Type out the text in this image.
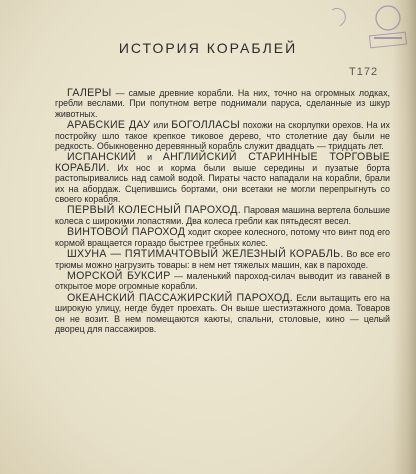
T172
ИСТОРИЯ КОРАБЛЕЙ

ГАЛЕРЫ — самые древние корабли. На них, точно на огромных лодках, гребли веслами. При попутном ветре поднимали паруса, сделанные из шкур животных.

АРАБСКИЕ ДАУ или БОГОЛЛАСЫ похожи на скорлупки орехов. На их постройку шло такое крепкое тиковое дерево, что столетние дау были не редкость. Обыкновенно деревянный корабль служит двадцать — тридцать лет.

ИСПАНСКИЙ и АНГЛИЙСКИЙ СТАРИННЫЕ ТОРГОВЫЕ КОРАБЛИ. Их нос и корма были выше середины и пузатые борта растопыривались над самой водой. Пираты часто нападали на корабли, брали их на абордаж. Сцепившись бортами, они всетаки не могли перепрыгнуть со своего корабля.

ПЕРВЫЙ КОЛЕСНЫЙ ПАРОХОД. Паровая машина вертела большие колеса с широкими лопастями. Два колеса гребли как пятьдесят весел.

ВИНТОВОЙ ПАРОХОД ходит скорее колесного, потому что винт под его кормой вращается гораздо быстрее гребных колес.

ШХУНА — ПЯТИМАЧТОВЫЙ ЖЕЛЕЗНЫЙ КОРАБЛЬ. Во все его трюмы можно нагрузить товары: в нем нет тяжелых машин, как в пароходе.

МОРСКОЙ БУКСИР — маленький пароход-силач выводит из гаваней в открытое море огромные корабли.

ОКЕАНСКИЙ ПАССАЖИРСКИЙ ПАРОХОД. Если вытащить его на широкую улицу, негде будет проехать. Он выше шестиэтажного дома. Товаров он не возит. В нем помещаются каюты, спальни, столовые, кино — целый дворец для пассажиров.
